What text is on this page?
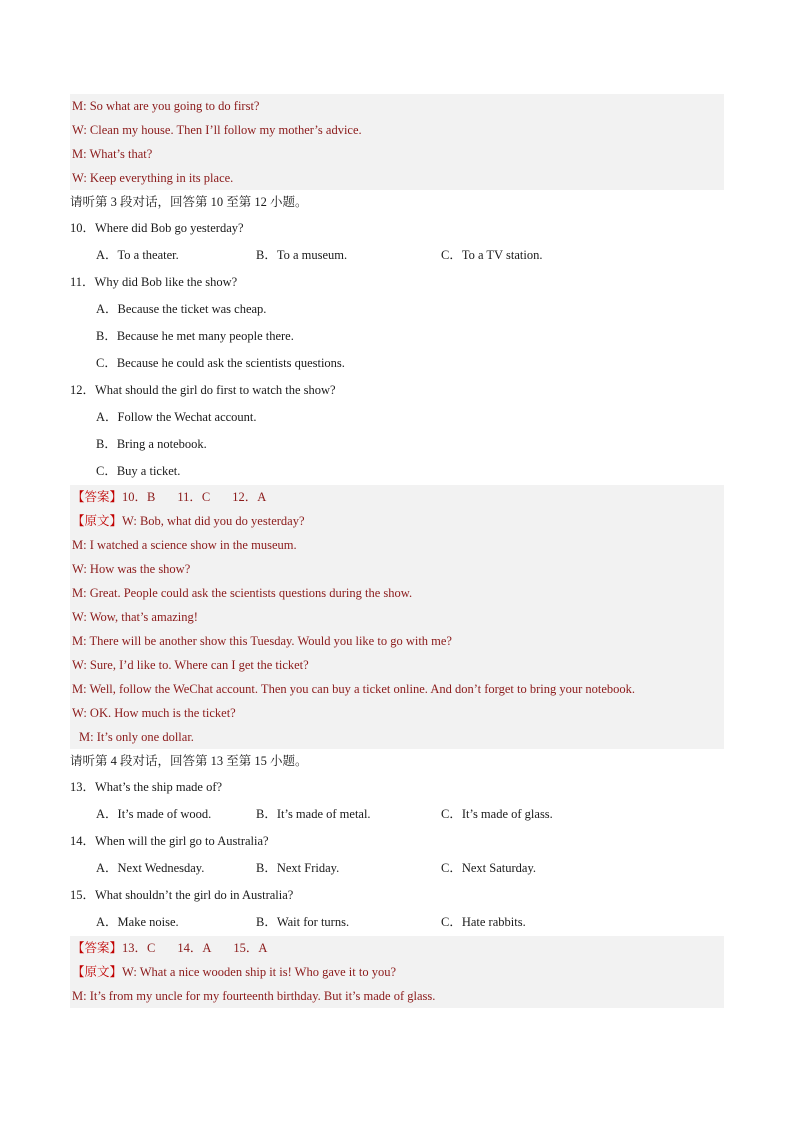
M: So what are you going to do first?
W: Clean my house. Then I’ll follow my mother’s advice.
M: What’s that?
W: Keep everything in its place.
请听第 3 段对话，回答第 10 至第 12 小题。
10．Where did Bob go yesterday?
A．To a theater.	B．To a museum.	C．To a TV station.
11．Why did Bob like the show?
A．Because the ticket was cheap.
B．Because he met many people there.
C．Because he could ask the scientists questions.
12．What should the girl do first to watch the show?
A．Follow the Wechat account.
B．Bring a notebook.
C．Buy a ticket.
【答案】10．B 11．C 12．A
【原文】W: Bob, what did you do yesterday?
M: I watched a science show in the museum.
W: How was the show?
M: Great. People could ask the scientists questions during the show.
W: Wow, that’s amazing!
M: There will be another show this Tuesday. Would you like to go with me?
W: Sure, I’d like to. Where can I get the ticket?
M: Well, follow the WeChat account. Then you can buy a ticket online. And don’t forget to bring your notebook.
W: OK. How much is the ticket?
M: It’s only one dollar.
请听第 4 段对话，回答第 13 至第 15 小题。
13．What’s the ship made of?
A．It’s made of wood.	B．It’s made of metal.	C．It’s made of glass.
14．When will the girl go to Australia?
A．Next Wednesday.	B．Next Friday.	C．Next Saturday.
15．What shouldn’t the girl do in Australia?
A．Make noise.	B．Wait for turns.	C．Hate rabbits.
【答案】13．C 14．A 15．A
【原文】W: What a nice wooden ship it is! Who gave it to you?
M: It’s from my uncle for my fourteenth birthday. But it’s made of glass.
